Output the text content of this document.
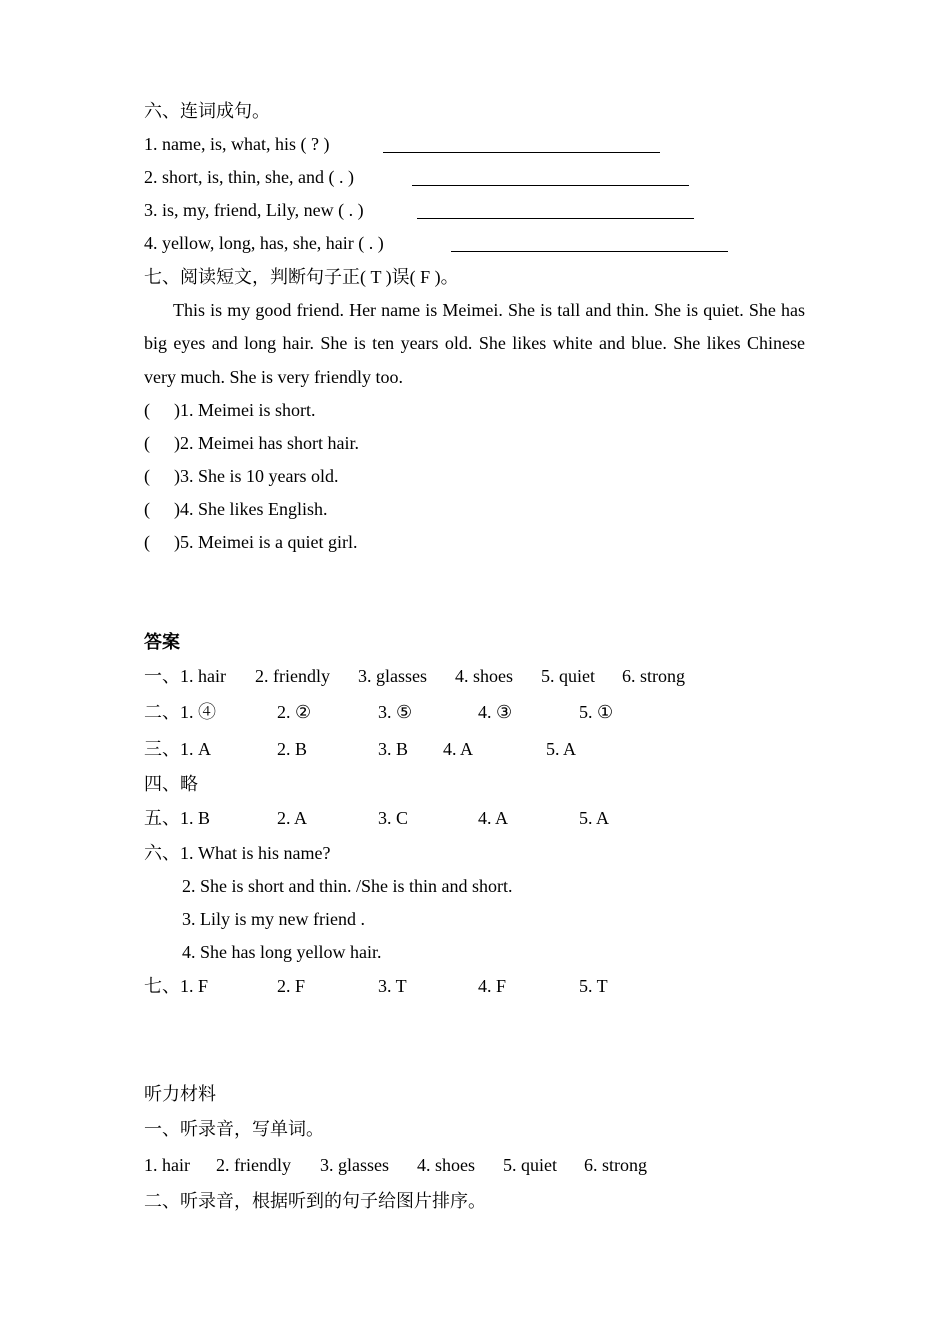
六、连词成句。
1. name, is, what, his ( ? )
2. short, is, thin, she, and ( . )
3. is, my, friend, Lily, new ( . )
4. yellow, long, has, she, hair ( . )
七、阅读短文，判断句子正( T )误( F )。
This is my good friend. Her name is Meimei. She is tall and thin. She is quiet. She has big eyes and long hair. She is ten years old. She likes white and blue. She likes Chinese very much. She is very friendly too.
( )1. Meimei is short.
( )2. Meimei has short hair.
( )3. She is 10 years old.
( )4. She likes English.
( )5. Meimei is a quiet girl.
答案
一、1. hair 2. friendly 3. glasses 4. shoes 5. quiet 6. strong
二、1. ④	2. ②	3. ⑤	4. ③	5. ①
三、1. A	2. B	3. B 4. A	5. A
四、略
五、1. B	2. A	3. C	4. A	5. A
六、1. What is his name?
2. She is short and thin. /She is thin and short.
3. Lily is my new friend .
4. She has long yellow hair.
七、1. F	2. F	3. T	4. F	5. T
听力材料
一、听录音，写单词。
1. hair 2. friendly 3. glasses 4. shoes 5. quiet 6. strong
二、听录音，根据听到的句子给图片排序。
